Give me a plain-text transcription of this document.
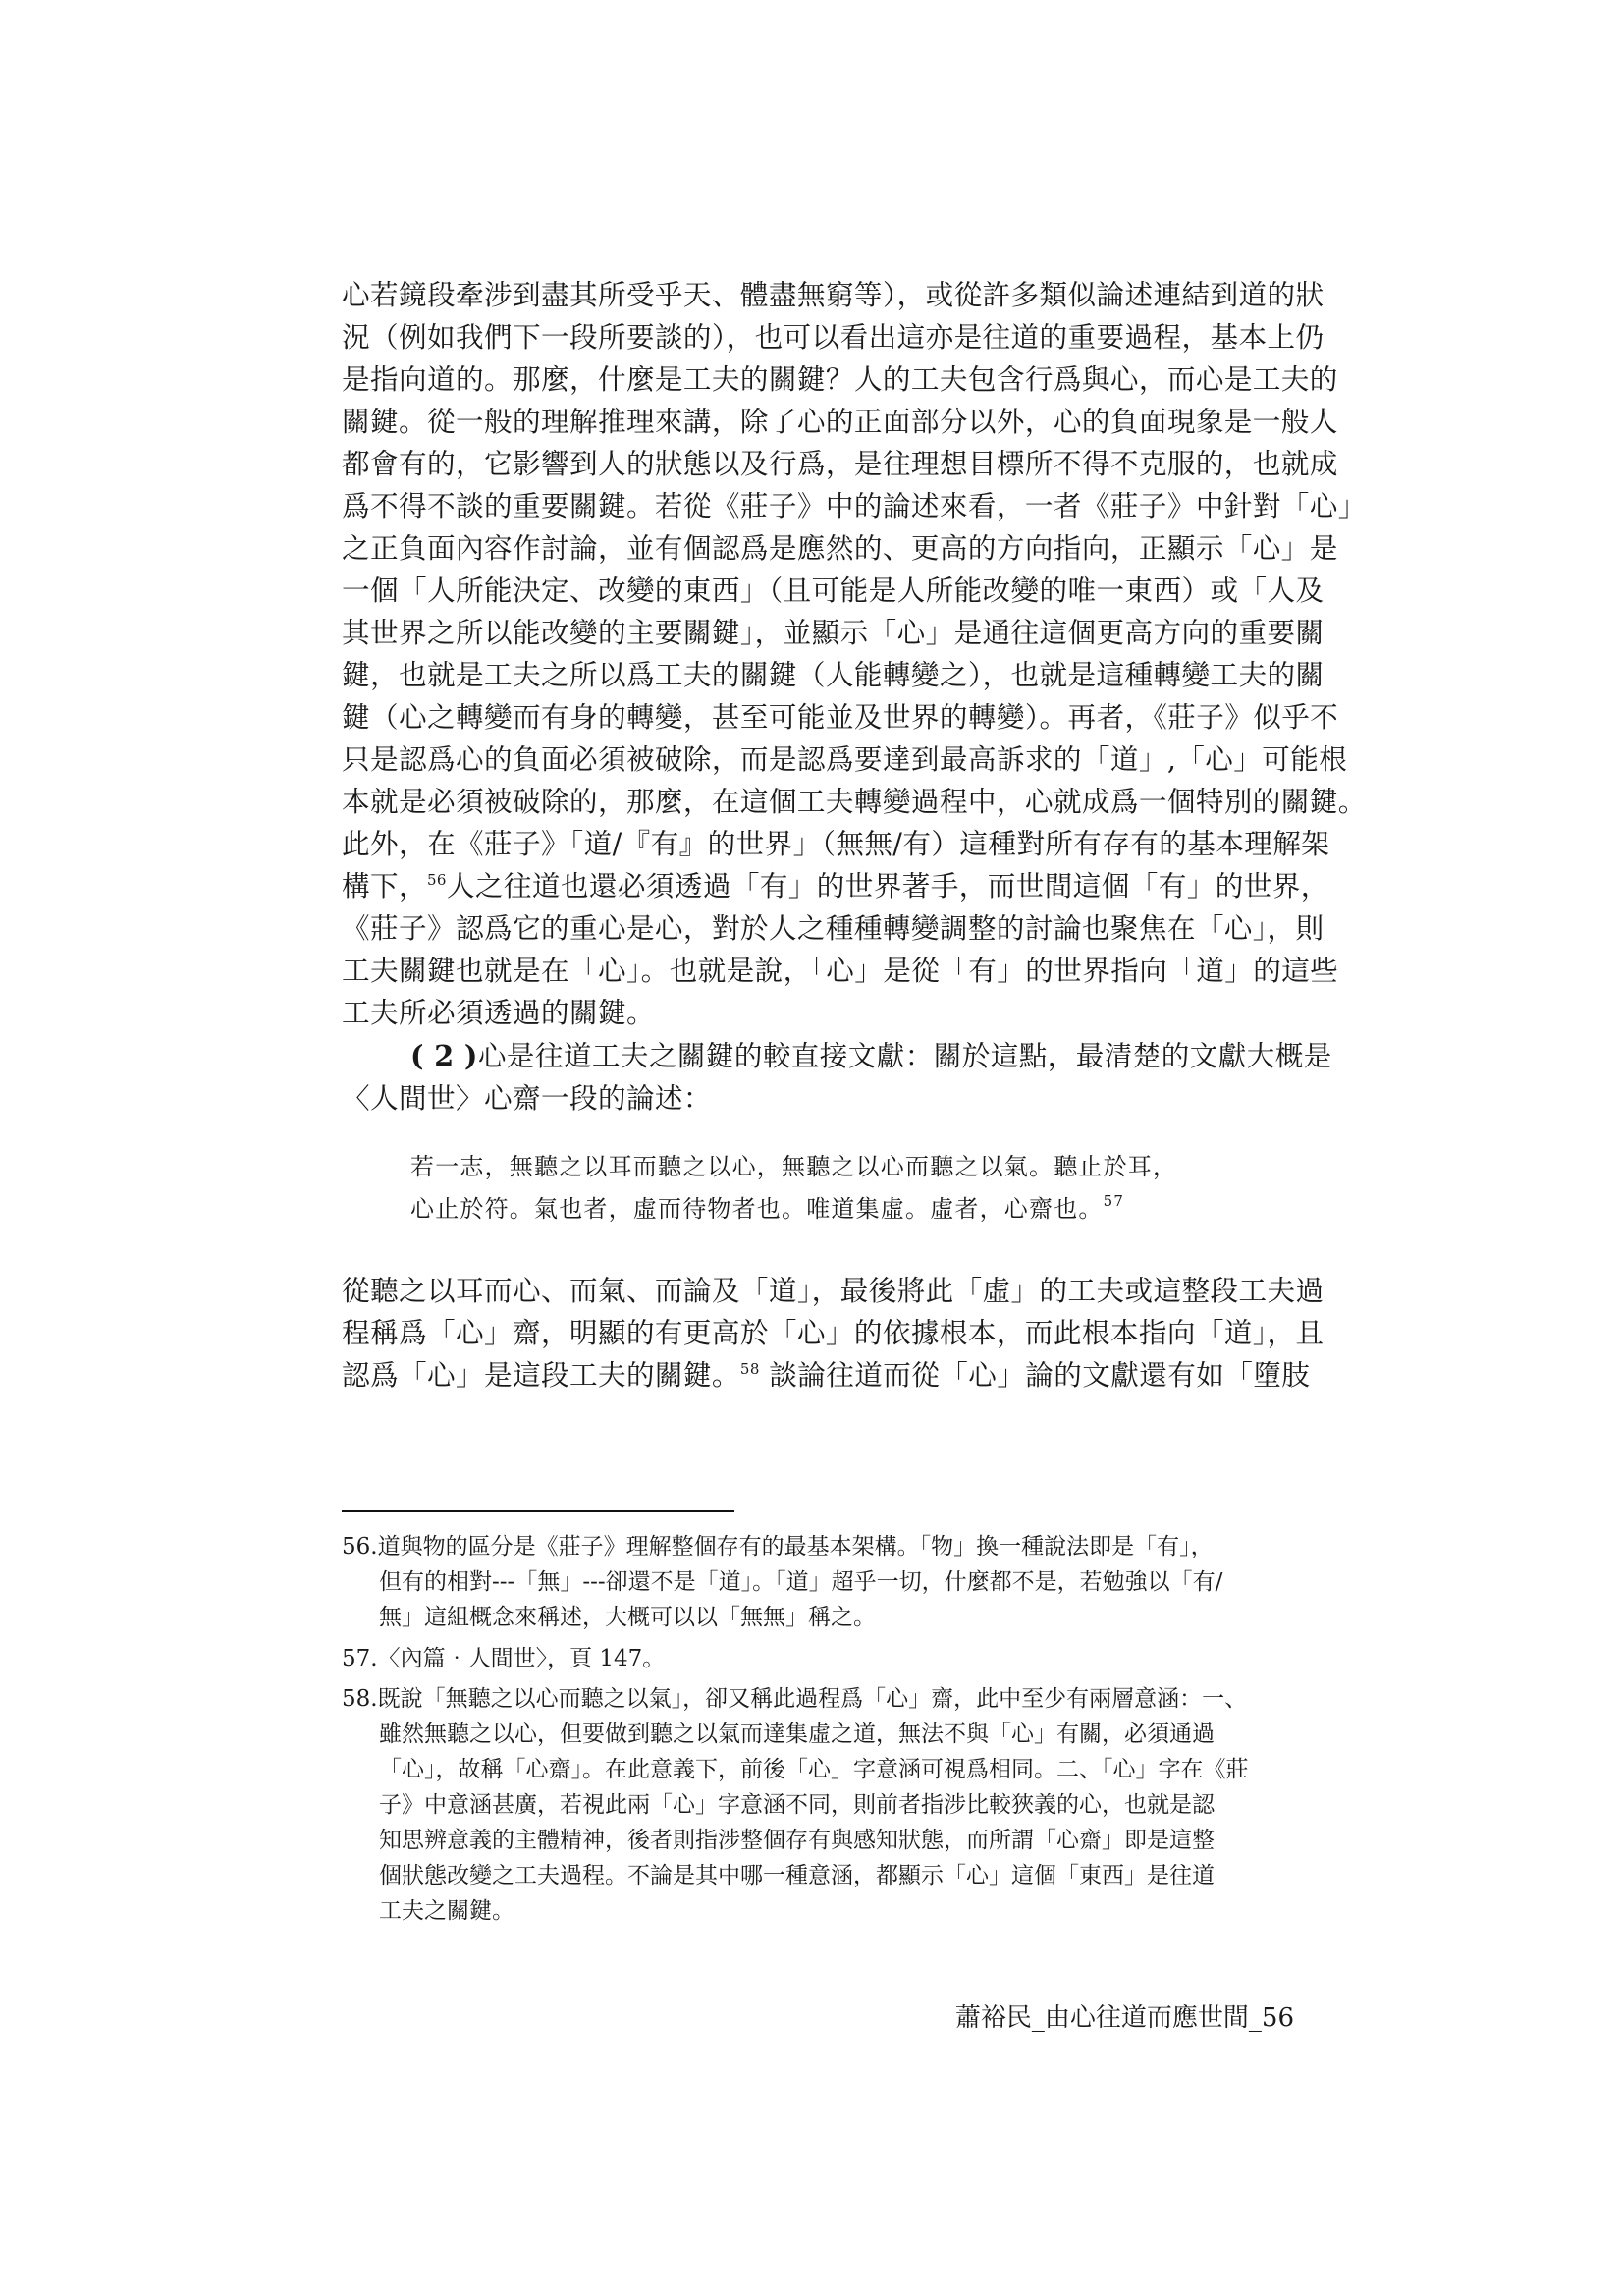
心若鏡段牽涉到盡其所受乎天、體盡無窮等），或從許多類似論述連結到道的狀

況（例如我們下一段所要談的），也可以看出這亦是往道的重要過程，基本上仍

是指向道的。那麼，什麼是工夫的關鍵？人的工夫包含行爲與心，而心是工夫的

關鍵。從一般的理解推理來講，除了心的正面部分以外，心的負面現象是一般人

都會有的，它影響到人的狀態以及行爲，是往理想目標所不得不克服的，也就成

爲不得不談的重要關鍵。若從《莊子》中的論述來看，一者《莊子》中針對「心」

之正負面內容作討論，並有個認爲是應然的、更高的方向指向，正顯示「心」是

一個「人所能決定、改變的東西」（且可能是人所能改變的唯一東西）或「人及

其世界之所以能改變的主要關鍵」，並顯示「心」是通往這個更高方向的重要關

鍵，也就是工夫之所以爲工夫的關鍵（人能轉變之），也就是這種轉變工夫的關

鍵（心之轉變而有身的轉變，甚至可能並及世界的轉變）。再者，《莊子》似乎不

只是認爲心的負面必須被破除，而是認爲要達到最高訴求的「道」,「心」可能根

本就是必須被破除的，那麼，在這個工夫轉變過程中，心就成爲一個特別的關鍵。

此外，在《莊子》「道/『有』的世界」（無無/有）這種對所有存有的基本理解架

構下，$^{56}$人之往道也還必須透過「有」的世界著手，而世間這個「有」的世界，

《莊子》認爲它的重心是心，對於人之種種轉變調整的討論也聚焦在「心」，則

工夫關鍵也就是在「心」。也就是說，「心」是從「有」的世界指向「道」的這些

工夫所必須透過的關鍵。

( 2 )心是往道工夫之關鍵的較直接文獻：關於這點，最清楚的文獻大概是

〈人間世〉心齋一段的論述：

若一志，無聽之以耳而聽之以心，無聽之以心而聽之以氣。聽止於耳，

心止於符。氣也者，虛而待物者也。唯道集虛。虛者，心齋也。$^{57}$

從聽之以耳而心、而氣、而論及「道」，最後將此「虛」的工夫或這整段工夫過

程稱爲「心」齋，明顯的有更高於「心」的依據根本，而此根本指向「道」，且

認爲「心」是這段工夫的關鍵。$^{58}$ 談論往道而從「心」論的文獻還有如「墮肢

56.道與物的區分是《莊子》理解整個存有的最基本架構。「物」換一種說法即是「有」，

但有的相對---「無」---卻還不是「道」。「道」超乎一切，什麼都不是，若勉強以「有/

無」這組概念來稱述，大概可以以「無無」稱之。

57.〈內篇‧人間世〉，頁 147。

58.既說「無聽之以心而聽之以氣」，卻又稱此過程爲「心」齋，此中至少有兩層意涵：一、

雖然無聽之以心，但要做到聽之以氣而達集虛之道，無法不與「心」有關，必須通過

「心」，故稱「心齋」。在此意義下，前後「心」字意涵可視爲相同。二、「心」字在《莊

子》中意涵甚廣，若視此兩「心」字意涵不同，則前者指涉比較狹義的心，也就是認

知思辨意義的主體精神，後者則指涉整個存有與感知狀態，而所謂「心齋」即是這整

個狀態改變之工夫過程。不論是其中哪一種意涵，都顯示「心」這個「東西」是往道

工夫之關鍵。

蕭裕民_由心往道而應世間_56
